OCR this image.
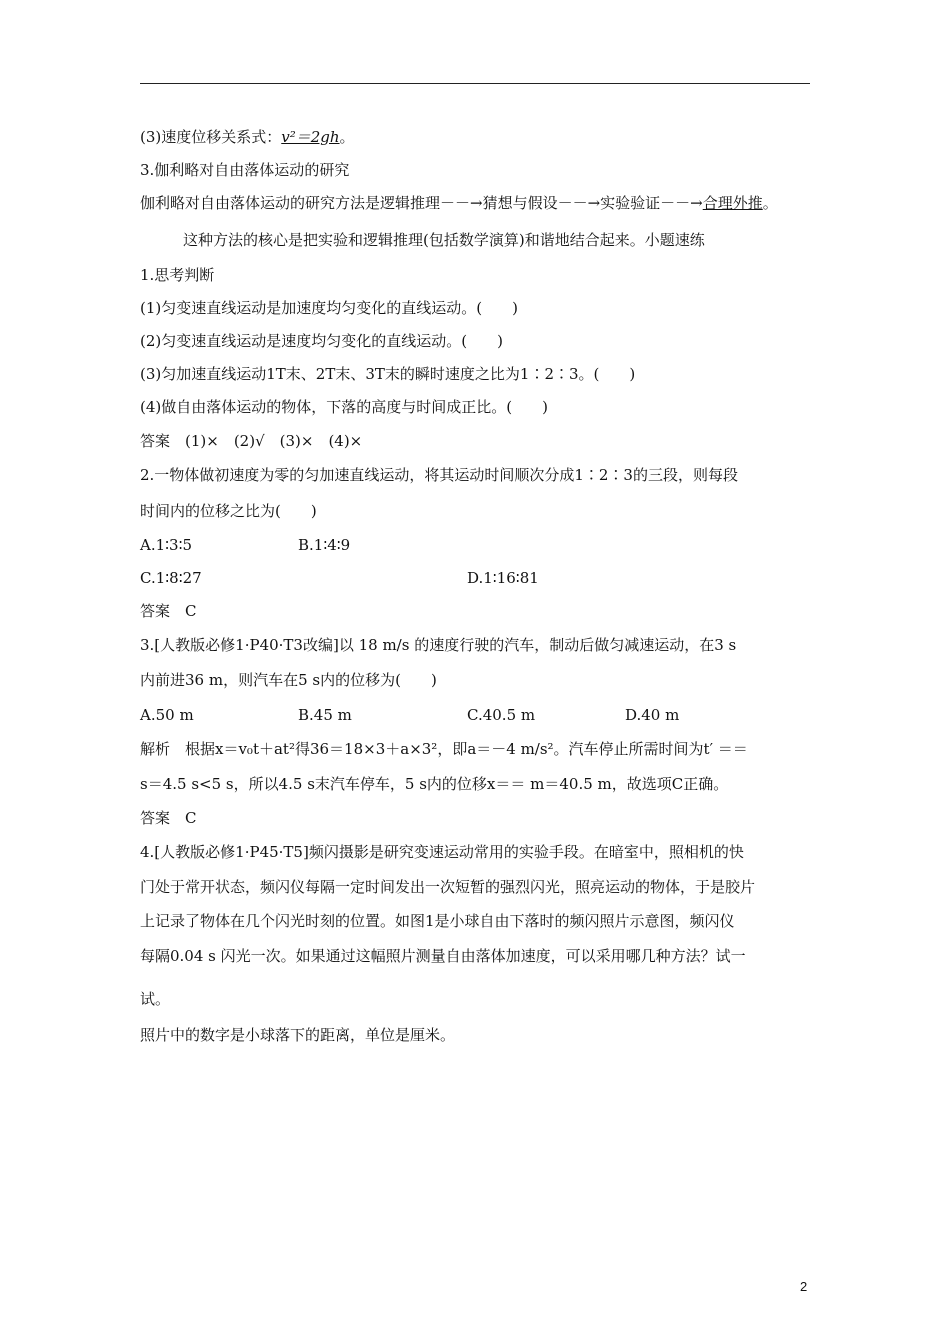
(3)速度位移关系式：v²＝2gh。
3.伽利略对自由落体运动的研究
伽利略对自由落体运动的研究方法是逻辑推理－－→猜想与假设－－→实验验证－－→合理外推。
这种方法的核心是把实验和逻辑推理(包括数学演算)和谐地结合起来。小题速练
1.思考判断
(1)匀变速直线运动是加速度均匀变化的直线运动。(　　)
(2)匀变速直线运动是速度均匀变化的直线运动。(　　)
(3)匀加速直线运动1T末、2T末、3T末的瞬时速度之比为1∶2∶3。(　　)
(4)做自由落体运动的物体，下落的高度与时间成正比。(　　)
答案　(1)×　(2)√　(3)×　(4)×
2.一物体做初速度为零的匀加速直线运动，将其运动时间顺次分成1∶2∶3的三段，则每段
时间内的位移之比为(　　)
A.1∶3∶5	B.1∶4∶9
C.1∶8∶27	D.1∶16∶81
答案　C
3.[人教版必修1·P40·T3改编]以 18 m/s 的速度行驶的汽车，制动后做匀减速运动，在3 s
内前进36 m，则汽车在5 s内的位移为(　　)
A.50 m	B.45 m	C.40.5 m	D.40 m
解析　根据x＝v₀t＋at²得36＝18×3＋a×3²，即a＝－4 m/s²。汽车停止所需时间为t′ ＝＝
s＝4.5 s<5 s，所以4.5 s末汽车停车，5 s内的位移x＝＝ m＝40.5 m，故选项C正确。
答案　C
4.[人教版必修1·P45·T5]频闪摄影是研究变速运动常用的实验手段。在暗室中，照相机的快
门处于常开状态，频闪仪每隔一定时间发出一次短暂的强烈闪光，照亮运动的物体，于是胶片
上记录了物体在几个闪光时刻的位置。如图1是小球自由下落时的频闪照片示意图，频闪仪
每隔0.04 s 闪光一次。如果通过这幅照片测量自由落体加速度，可以采用哪几种方法？试一
试。
照片中的数字是小球落下的距离，单位是厘米。
2
